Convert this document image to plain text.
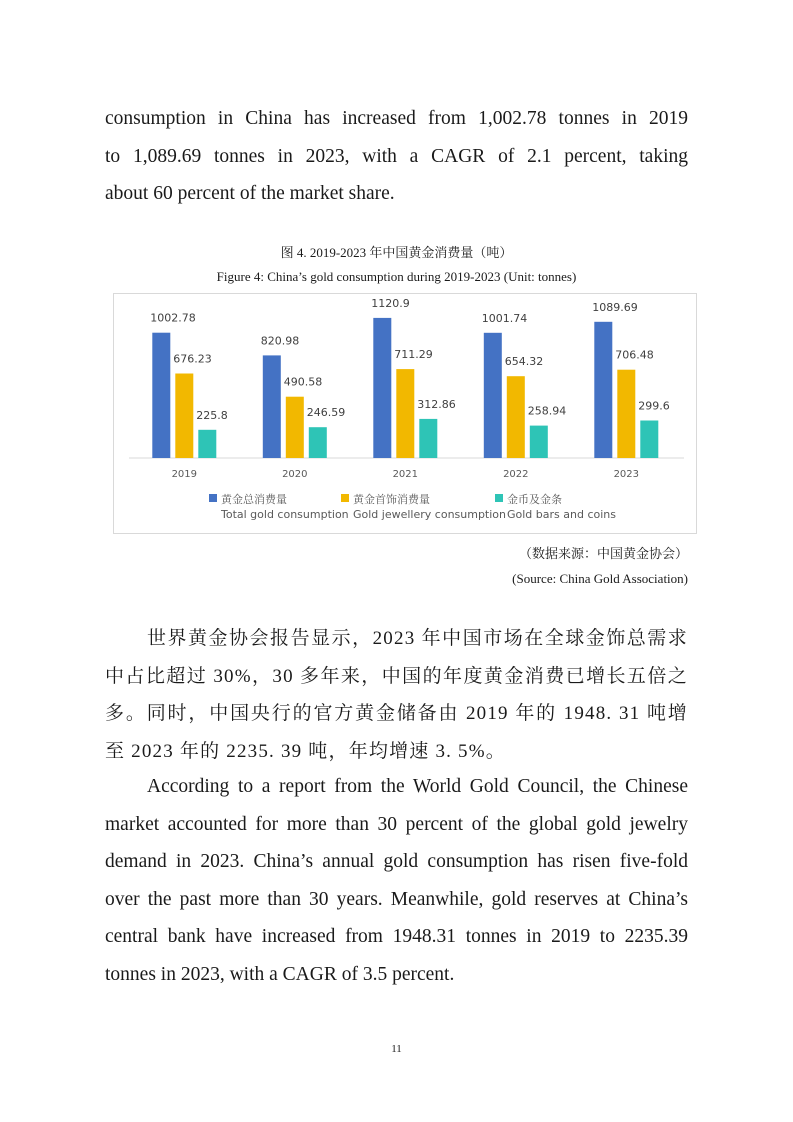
consumption in China has increased from 1,002.78 tonnes in 2019
to 1,089.69 tonnes in 2023, with a CAGR of 2.1 percent, taking
about 60 percent of the market share.

图 4. 2019-2023 年中国黄金消费量（吨）

Figure 4: China’s gold consumption during 2019-2023 (Unit: tonnes)

1002.78
676.23
225.8
2019
820.98
490.58
246.59
2020
1120.9
711.29
312.86
2021
1001.74
654.32
258.94
2022
1089.69
706.48
299.6
2023
黄金总消费量
Total gold consumption
黄金首饰消费量
Gold jewellery consumption
金币及金条
Gold bars and coins

（数据来源：中国黄金协会）

(Source: China Gold Association)

世界黄金协会报告显示，2023 年中国市场在全球金饰总需求中占比超过 30%，30 多年来，中国的年度黄金消费已增长五倍之多。同时，中国央行的官方黄金储备由 2019 年的 1948. 31 吨增至 2023 年的 2235. 39 吨，年均增速 3. 5%。
According to a report from the World Gold Council, the Chinese market accounted for more than 30 percent of the global gold jewelry demand in 2023. China’s annual gold consumption has risen five-fold over the past more than 30 years. Meanwhile, gold reserves at China’s central bank have increased from 1948.31 tonnes in 2019 to 2235.39 tonnes in 2023, with a CAGR of 3.5 percent.

11
